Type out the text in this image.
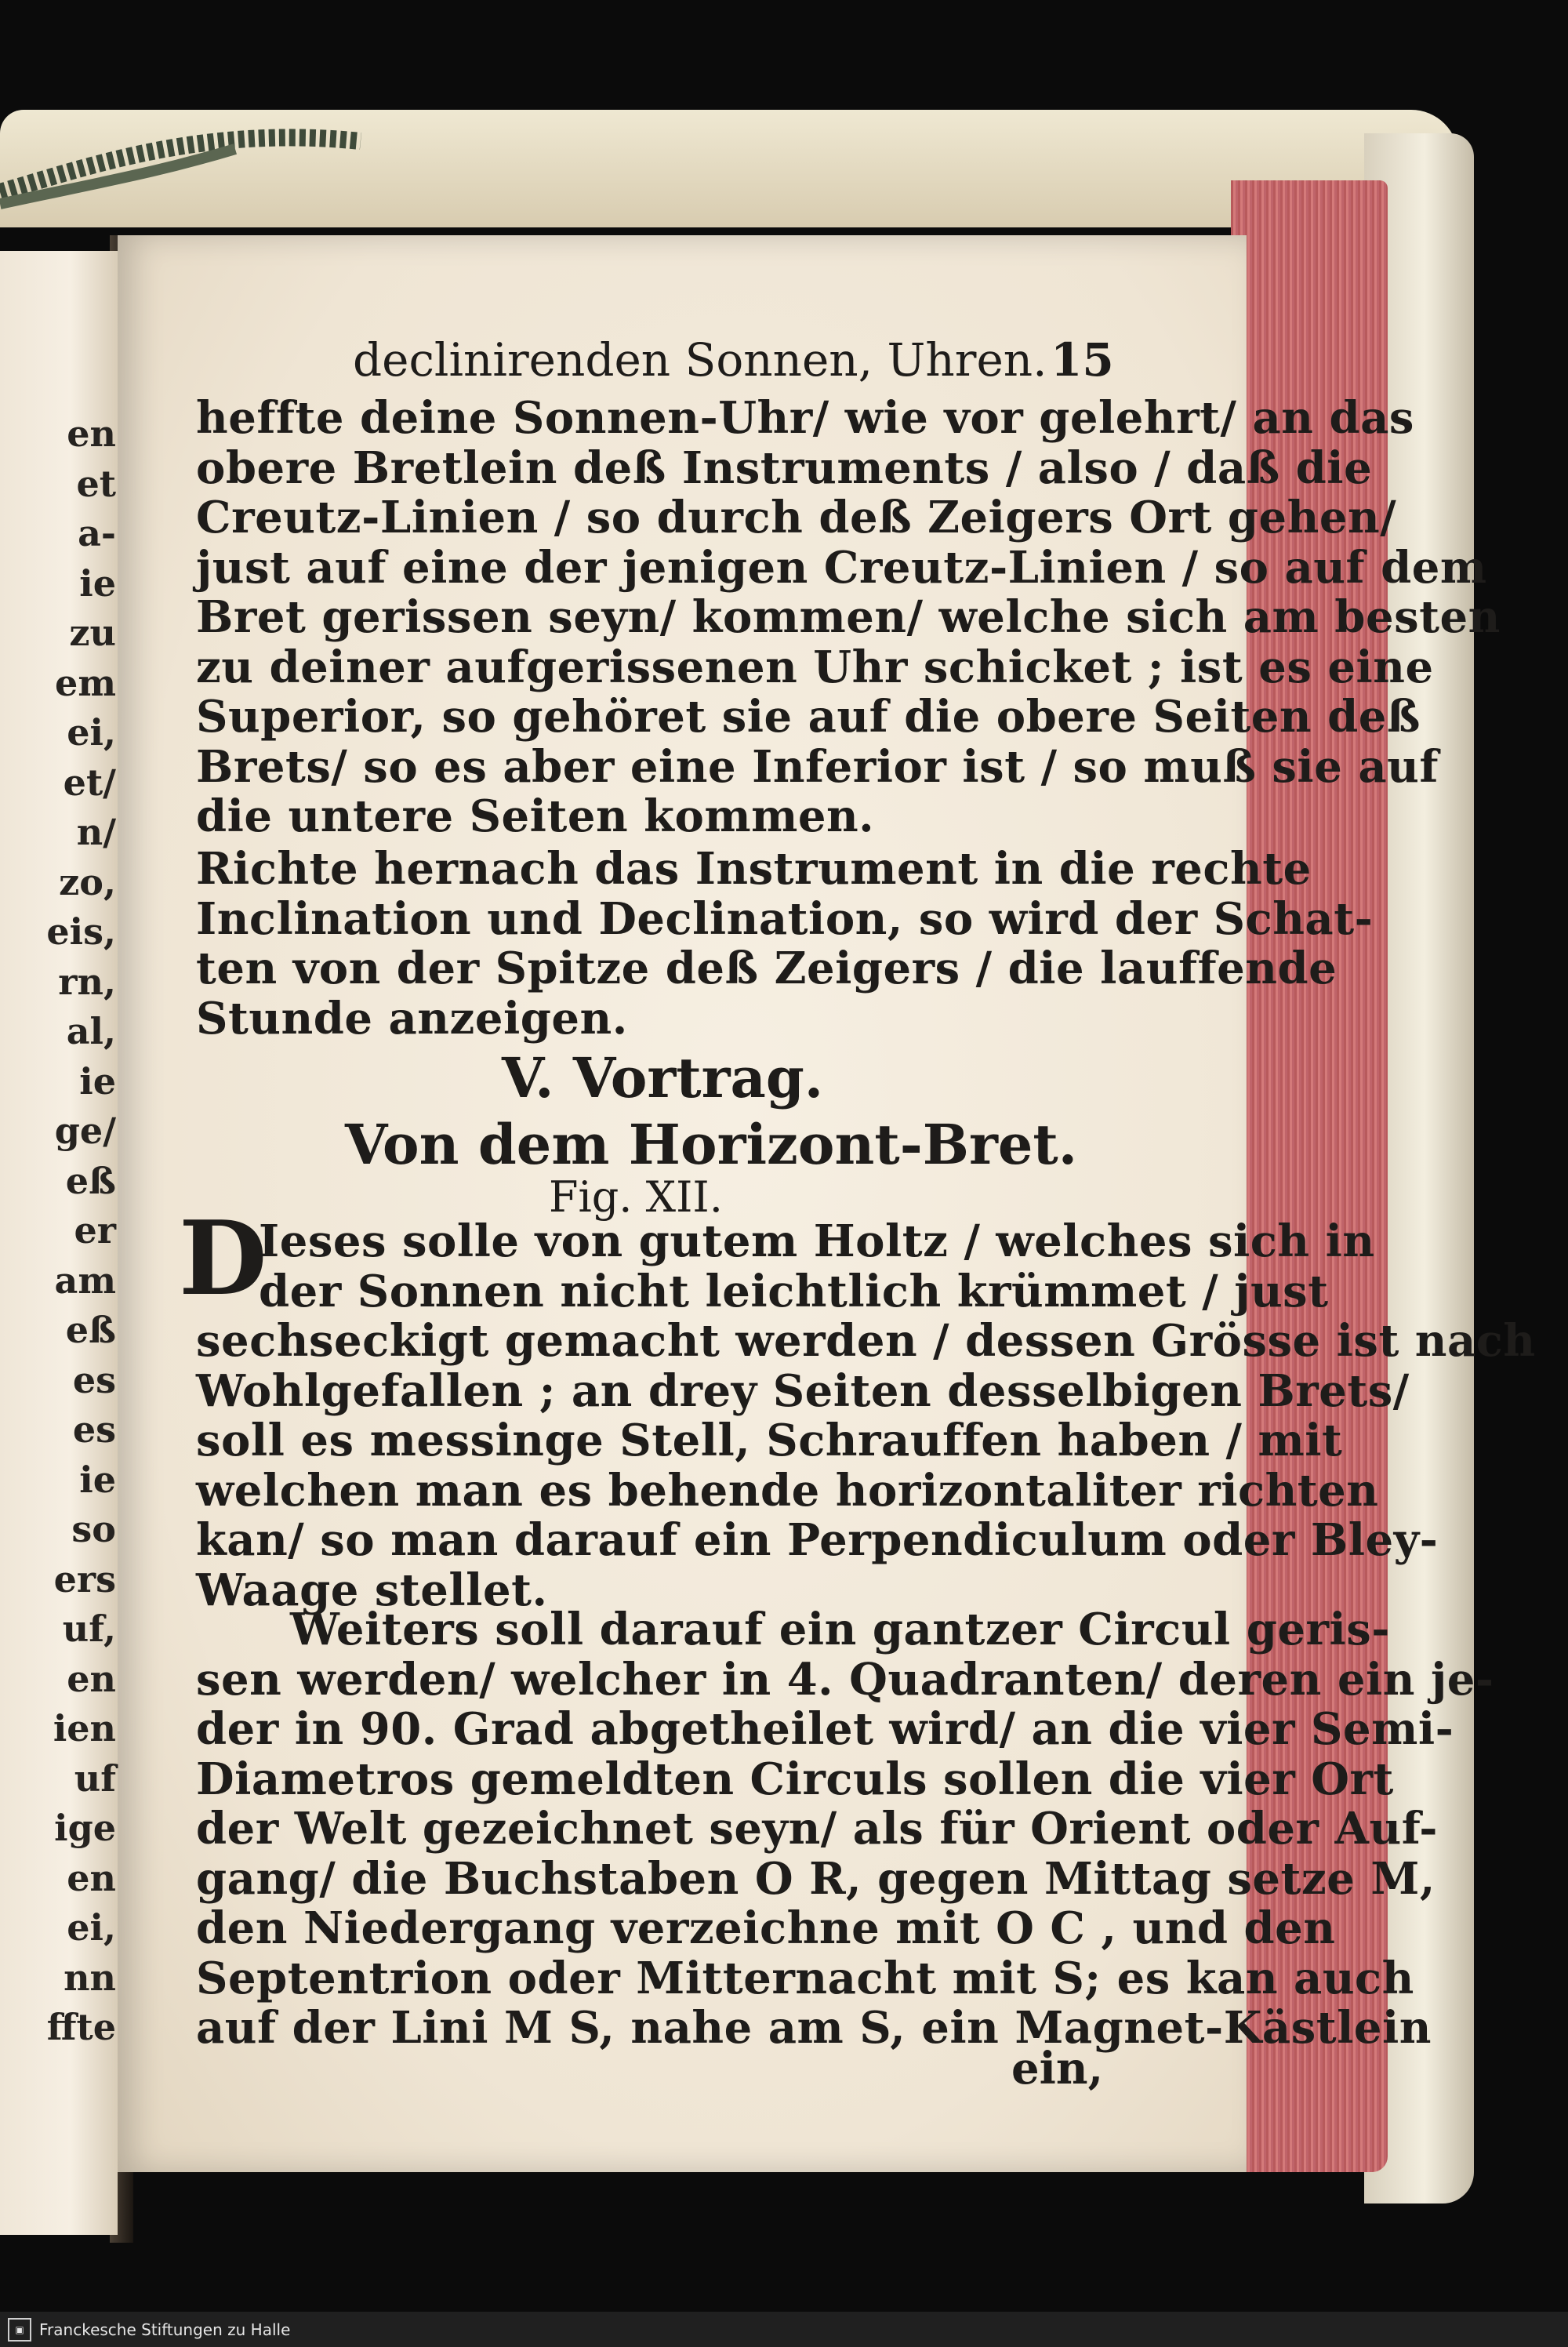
en
et
a-
ie
zu
em
ei,
et/
n/
zo,
eis,
rn,
al,
ie
ge/
eß
er
am
eß
es
es
ie
so
ers
uf,
en
ien
uf
ige
en
ei,
nn
ffte
declinirenden Sonnen, Uhren. 15
heffte deine Sonnen-Uhr/ wie vor gelehrt/ an das
obere Bretlein deß Instruments / also / daß die
Creutz-Linien / so durch deß Zeigers Ort gehen/
just auf eine der jenigen Creutz-Linien / so auf dem
Bret gerissen seyn/ kommen/ welche sich am besten
zu deiner aufgerissenen Uhr schicket ; ist es eine
Superior, so gehöret sie auf die obere Seiten deß
Brets/ so es aber eine Inferior ist / so muß sie auf
die untere Seiten kommen.
Richte hernach das Instrument in die rechte
Inclination und Declination, so wird der Schat-
ten von der Spitze deß Zeigers / die lauffende
Stunde anzeigen.
V. Vortrag.
Von dem Horizont-Bret.
Fig. XII.
D
Ieses solle von gutem Holtz / welches sich in
der Sonnen nicht leichtlich krümmet / just
sechseckigt gemacht werden / dessen Grösse ist nach
Wohlgefallen ; an drey Seiten desselbigen Brets/
soll es messinge Stell, Schrauffen haben / mit
welchen man es behende horizontaliter richten
kan/ so man darauf ein Perpendiculum oder Bley-
Waage stellet.
Weiters soll darauf ein gantzer Circul geris-
sen werden/ welcher in 4. Quadranten/ deren ein je-
der in 90. Grad abgetheilet wird/ an die vier Semi-
Diametros gemeldten Circuls sollen die vier Ort
der Welt gezeichnet seyn/ als für Orient oder Auf-
gang/ die Buchstaben O R, gegen Mittag setze M,
den Niedergang verzeichne mit O C , und den
Septentrion oder Mitternacht mit S; es kan auch
auf der Lini M S, nahe am S, ein Magnet-Kästlein
ein,
▣ Franckesche Stiftungen zu Halle
